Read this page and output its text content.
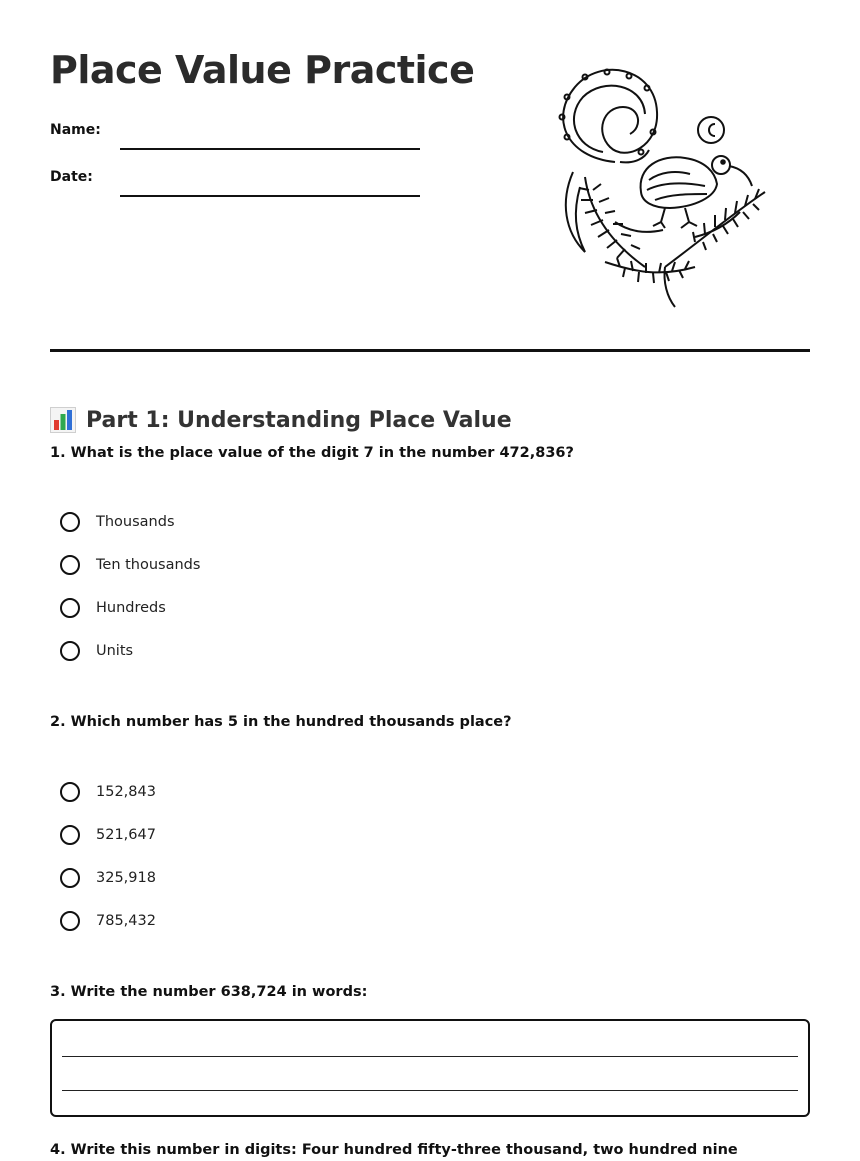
Place Value Practice
Name:
Date:
Part 1: Understanding Place Value

1. What is the place value of the digit 7 in the number 472,836?

Thousands
Ten thousands
Hundreds
Units

2. Which number has 5 in the hundred thousands place?

152,843
521,647
325,918
785,432

3. Write the number 638,724 in words:

4. Write this number in digits: Four hundred fifty-three thousand, two hundred nine
